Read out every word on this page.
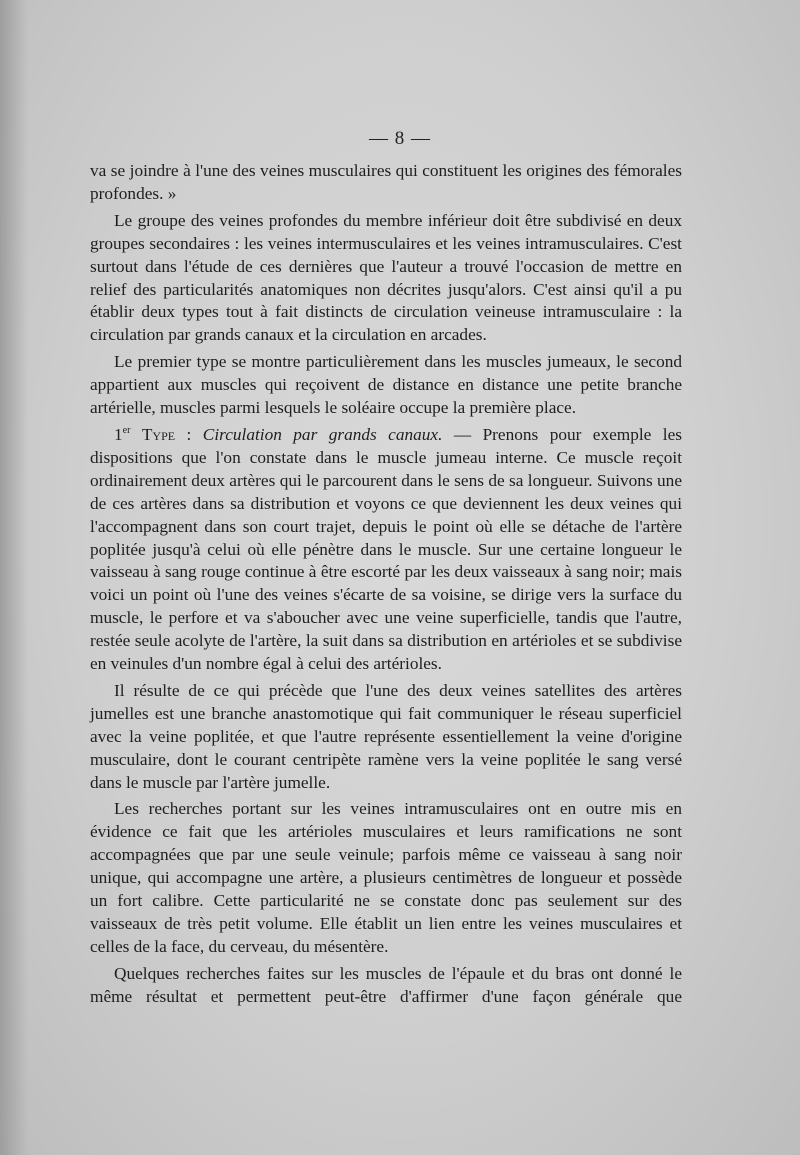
— 8 —

va se joindre à l'une des veines musculaires qui constituent les origines des fémorales profondes. »

Le groupe des veines profondes du membre inférieur doit être subdivisé en deux groupes secondaires : les veines intermusculaires et les veines intramusculaires. C'est surtout dans l'étude de ces dernières que l'auteur a trouvé l'occasion de mettre en relief des particularités anatomiques non décrites jusqu'alors. C'est ainsi qu'il a pu établir deux types tout à fait distincts de circulation veineuse intramusculaire : la circulation par grands canaux et la circulation en arcades.

Le premier type se montre particulièrement dans les muscles jumeaux, le second appartient aux muscles qui reçoivent de distance en distance une petite branche artérielle, muscles parmi lesquels le soléaire occupe la première place.

1er Type : Circulation par grands canaux. — Prenons pour exemple les dispositions que l'on constate dans le muscle jumeau interne. Ce muscle reçoit ordinairement deux artères qui le parcourent dans le sens de sa longueur. Suivons une de ces artères dans sa distribution et voyons ce que deviennent les deux veines qui l'accompagnent dans son court trajet, depuis le point où elle se détache de l'artère poplitée jusqu'à celui où elle pénètre dans le muscle. Sur une certaine longueur le vaisseau à sang rouge continue à être escorté par les deux vaisseaux à sang noir; mais voici un point où l'une des veines s'écarte de sa voisine, se dirige vers la surface du muscle, le perfore et va s'aboucher avec une veine superficielle, tandis que l'autre, restée seule acolyte de l'artère, la suit dans sa distribution en artérioles et se subdivise en veinules d'un nombre égal à celui des artérioles.

Il résulte de ce qui précède que l'une des deux veines satellites des artères jumelles est une branche anastomotique qui fait communiquer le réseau superficiel avec la veine poplitée, et que l'autre représente essentiellement la veine d'origine musculaire, dont le courant centripète ramène vers la veine poplitée le sang versé dans le muscle par l'artère jumelle.

Les recherches portant sur les veines intramusculaires ont en outre mis en évidence ce fait que les artérioles musculaires et leurs ramifications ne sont accompagnées que par une seule veinule; parfois même ce vaisseau à sang noir unique, qui accompagne une artère, a plusieurs centimètres de longueur et possède un fort calibre. Cette particularité ne se constate donc pas seulement sur des vaisseaux de très petit volume. Elle établit un lien entre les veines musculaires et celles de la face, du cerveau, du mésentère.

Quelques recherches faites sur les muscles de l'épaule et du bras ont donné le même résultat et permettent peut-être d'affirmer d'une façon générale que
